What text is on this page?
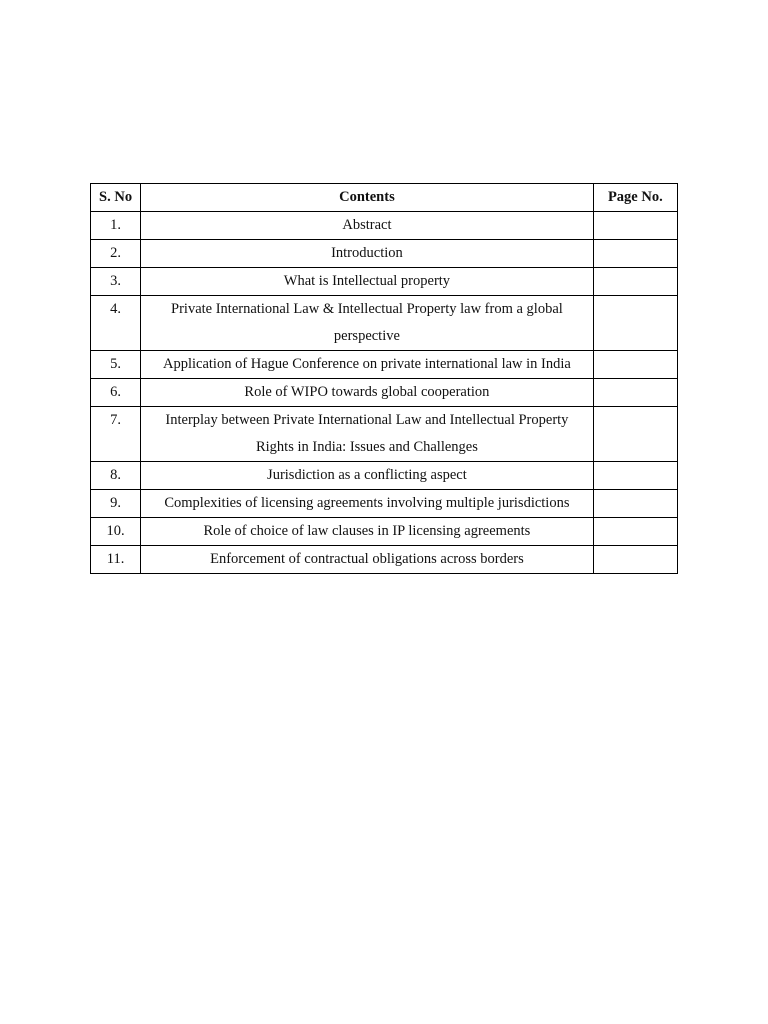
S. No	Contents	Page No.
1.	Abstract	
2.	Introduction	
3.	What is Intellectual property	
4.	Private International Law & Intellectual Property law from a global perspective	
5.	Application of Hague Conference on private international law in India	
6.	Role of WIPO towards global cooperation	
7.	Interplay between Private International Law and Intellectual Property Rights in India: Issues and Challenges	
8.	Jurisdiction as a conflicting aspect	
9.	Complexities of licensing agreements involving multiple jurisdictions	
10.	Role of choice of law clauses in IP licensing agreements	
11.	Enforcement of contractual obligations across borders	
